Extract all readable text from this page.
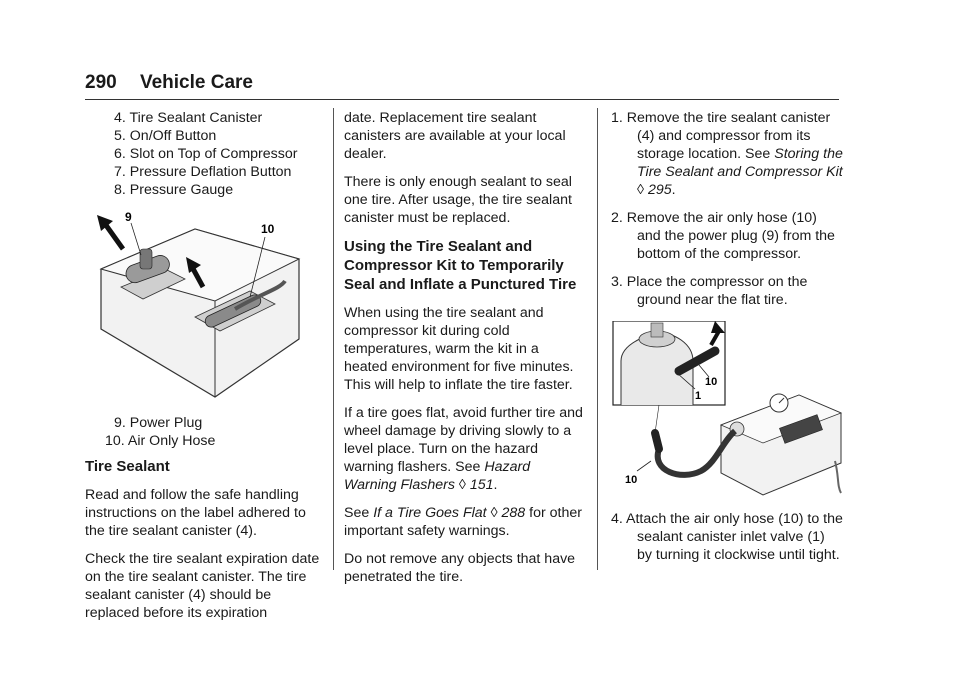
290 Vehicle Care
4. Tire Sealant Canister
5. On/Off Button
6. Slot on Top of Compressor
7. Pressure Deflation Button
8. Pressure Gauge
9
10
9. Power Plug
10. Air Only Hose
Tire Sealant

Read and follow the safe handling instructions on the label adhered to the tire sealant canister (4).

Check the tire sealant expiration date on the tire sealant canister. The tire sealant canister (4) should be replaced before its expiration

date. Replacement tire sealant canisters are available at your local dealer.

There is only enough sealant to seal one tire. After usage, the tire sealant canister must be replaced.

Using the Tire Sealant and Compressor Kit to Temporarily Seal and Inflate a Punctured Tire

When using the tire sealant and compressor kit during cold temperatures, warm the kit in a heated environment for five minutes. This will help to inflate the tire faster.

If a tire goes flat, avoid further tire and wheel damage by driving slowly to a level place. Turn on the hazard warning flashers. See Hazard Warning Flashers ◊ 151.

See If a Tire Goes Flat ◊ 288 for other important safety warnings.

Do not remove any objects that have penetrated the tire.

1. Remove the tire sealant canister (4) and compressor from its storage location. See Storing the Tire Sealant and Compressor Kit ◊ 295.

2. Remove the air only hose (10) and the power plug (9) from the bottom of the compressor.

3. Place the compressor on the ground near the flat tire.

10
1
10

4. Attach the air only hose (10) to the sealant canister inlet valve (1) by turning it clockwise until tight.
